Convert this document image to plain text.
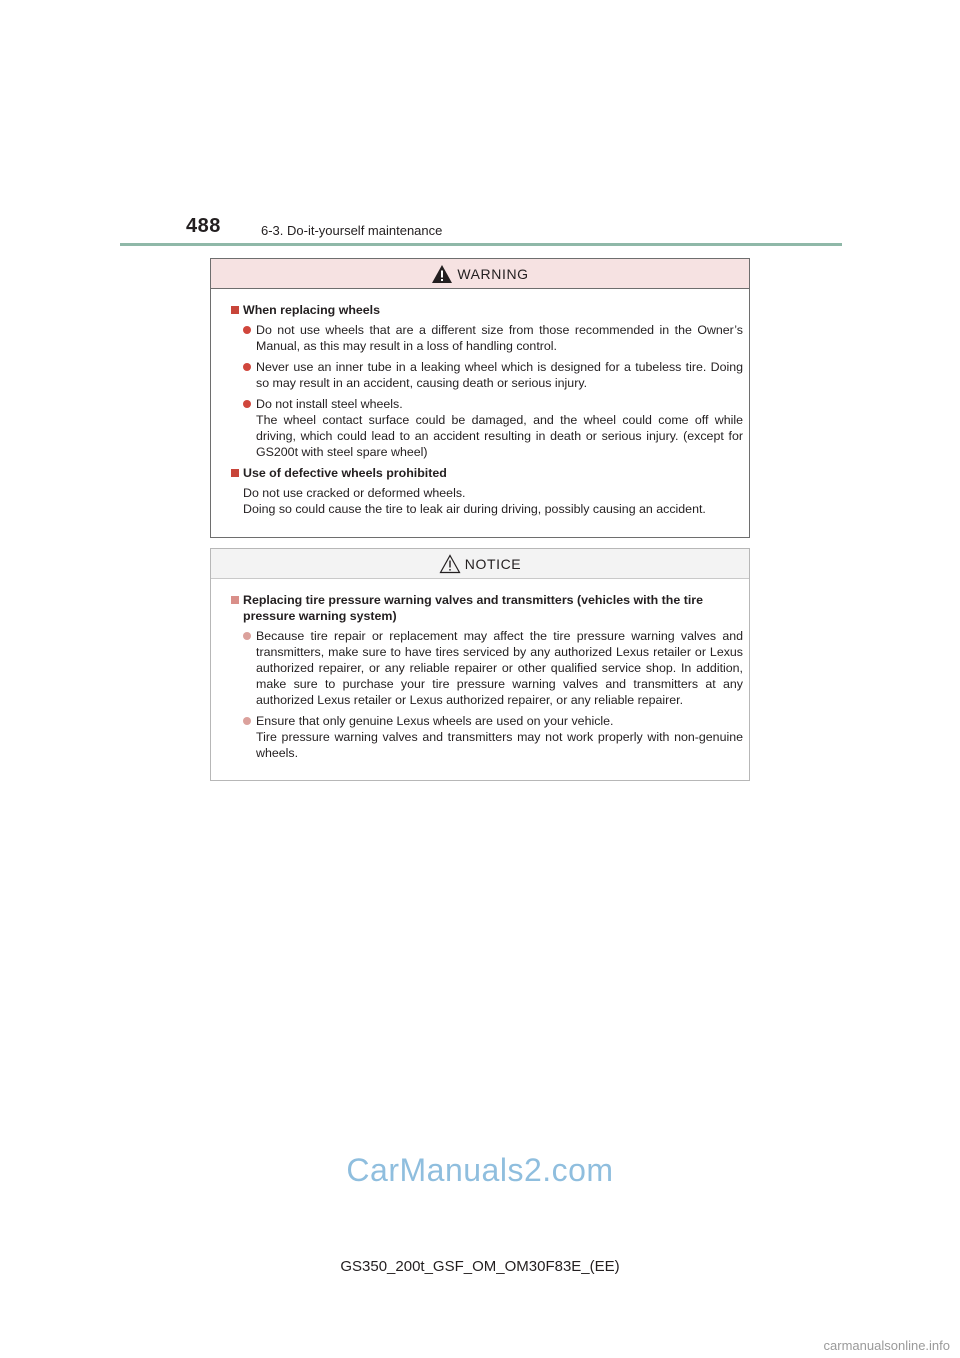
488	6-3. Do-it-yourself maintenance
WARNING
When replacing wheels
Do not use wheels that are a different size from those recommended in the Owner’s Manual, as this may result in a loss of handling control.
Never use an inner tube in a leaking wheel which is designed for a tubeless tire. Doing so may result in an accident, causing death or serious injury.
Do not install steel wheels.
The wheel contact surface could be damaged, and the wheel could come off while driving, which could lead to an accident resulting in death or serious injury. (except for GS200t with steel spare wheel)
Use of defective wheels prohibited
Do not use cracked or deformed wheels.
Doing so could cause the tire to leak air during driving, possibly causing an accident.
NOTICE
Replacing tire pressure warning valves and transmitters (vehicles with the tire pressure warning system)
Because tire repair or replacement may affect the tire pressure warning valves and transmitters, make sure to have tires serviced by any authorized Lexus retailer or Lexus authorized repairer, or any reliable repairer or other qualified service shop. In addition, make sure to purchase your tire pressure warning valves and transmitters at any authorized Lexus retailer or Lexus authorized repairer, or any reliable repairer.
Ensure that only genuine Lexus wheels are used on your vehicle.
Tire pressure warning valves and transmitters may not work properly with non-genuine wheels.
CarManuals2.com
GS350_200t_GSF_OM_OM30F83E_(EE)
carmanualsonline.info
